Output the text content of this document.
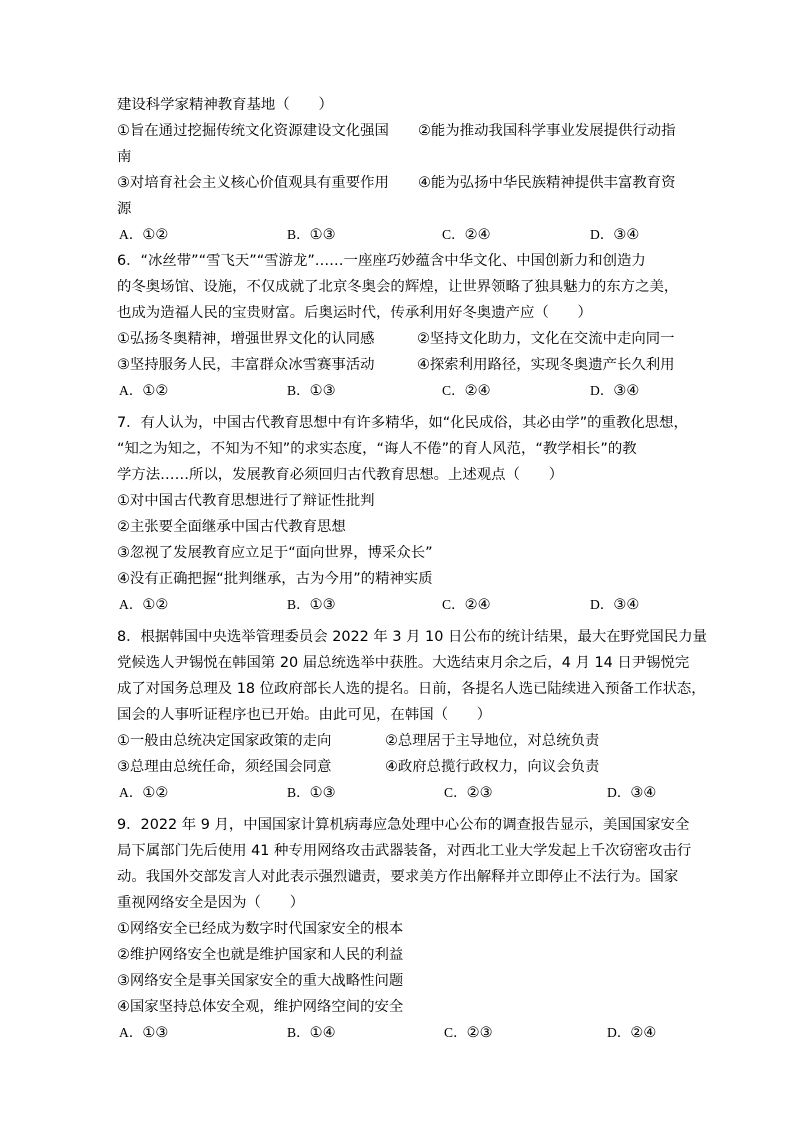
建设科学家精神教育基地（　　）
①旨在通过挖掘传统文化资源建设文化强国 ②能为推动我国科学事业发展提供行动指
南
③对培育社会主义核心价值观具有重要作用 ④能为弘扬中华民族精神提供丰富教育资
源
A．①②	B．①③	C．②④	D．③④
6．“冰丝带”“雪飞天”“雪游龙”……一座座巧妙蕴含中华文化、中国创新力和创造力
的冬奥场馆、设施，不仅成就了北京冬奥会的辉煌，让世界领略了独具魅力的东方之美，
也成为造福人民的宝贵财富。后奥运时代，传承利用好冬奥遗产应（　　）
①弘扬冬奥精神，增强世界文化的认同感	②坚持文化助力，文化在交流中走向同一
③坚持服务人民，丰富群众冰雪赛事活动	④探索利用路径，实现冬奥遗产长久利用
A．①②	B．①③	C．②④	D．③④
7．有人认为，中国古代教育思想中有许多精华，如“化民成俗，其必由学”的重教化思想，
“知之为知之，不知为不知”的求实态度，“诲人不倦”的育人风范，“教学相长”的教
学方法……所以，发展教育必须回归古代教育思想。上述观点（　　）
①对中国古代教育思想进行了辩证性批判
②主张要全面继承中国古代教育思想
③忽视了发展教育应立足于“面向世界，博采众长”
④没有正确把握“批判继承，古为今用”的精神实质
A．①②	B．①③	C．②④	D．③④
8．根据韩国中央选举管理委员会 2022 年 3 月 10 日公布的统计结果，最大在野党国民力量
党候选人尹锡悦在韩国第 20 届总统选举中获胜。大选结束月余之后，4 月 14 日尹锡悦完
成了对国务总理及 18 位政府部长人选的提名。日前，各提名人选已陆续进入预备工作状态，
国会的人事听证程序也已开始。由此可见，在韩国（　　）
①一般由总统决定国家政策的走向	②总理居于主导地位，对总统负责
③总理由总统任命，须经国会同意	④政府总揽行政权力，向议会负责
A．①②	B．①③	C．②③	D．③④
9．2022 年 9 月，中国国家计算机病毒应急处理中心公布的调查报告显示，美国国家安全
局下属部门先后使用 41 种专用网络攻击武器装备，对西北工业大学发起上千次窃密攻击行
动。我国外交部发言人对此表示强烈谴责，要求美方作出解释并立即停止不法行为。国家
重视网络安全是因为（　　）
①网络安全已经成为数字时代国家安全的根本
②维护网络安全也就是维护国家和人民的利益
③网络安全是事关国家安全的重大战略性问题
④国家坚持总体安全观，维护网络空间的安全
A．①③	B．①④	C．②③	D．②④
